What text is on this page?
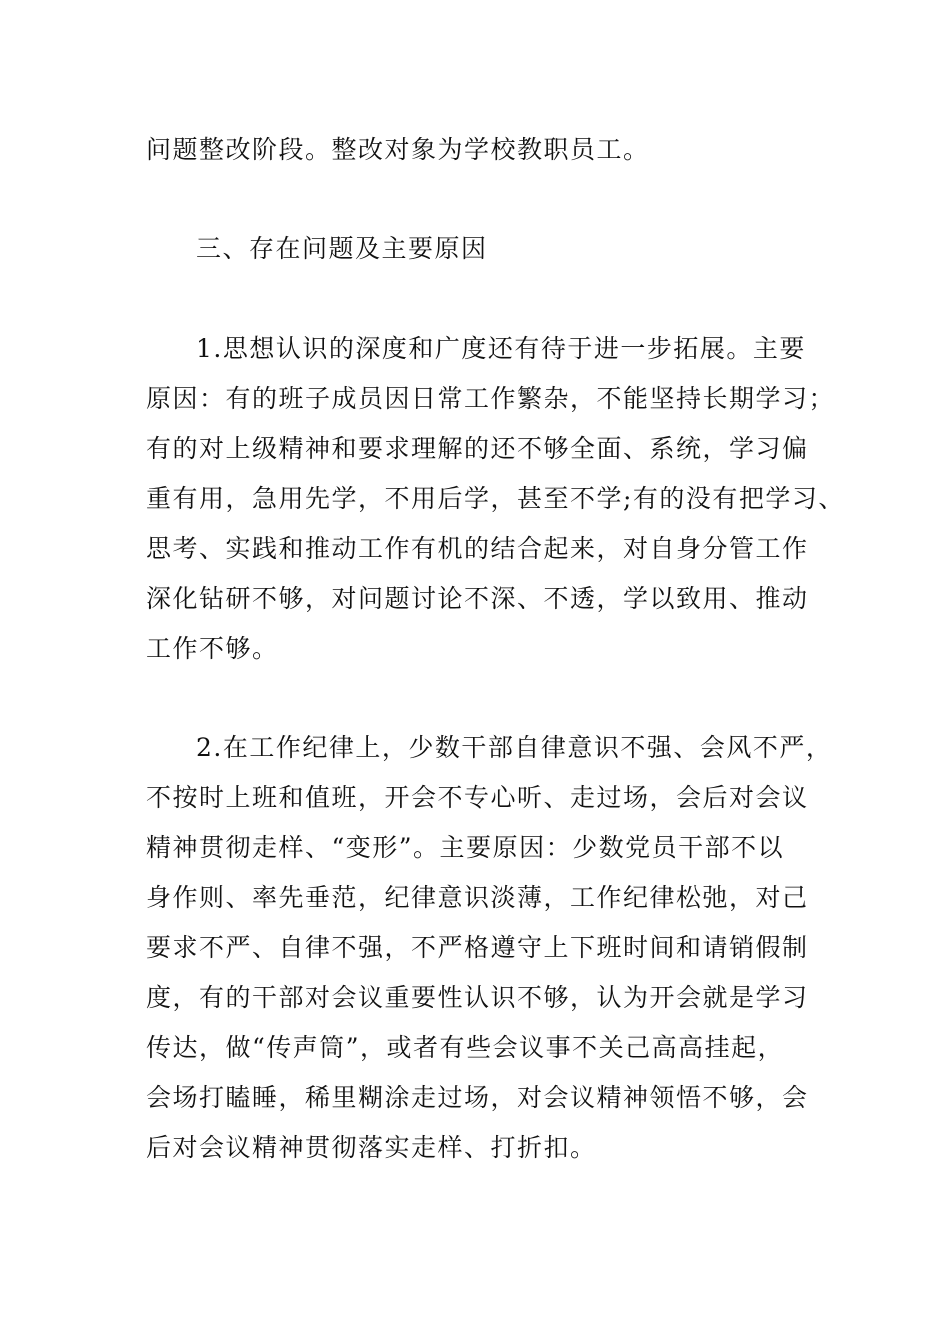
问题整改阶段。整改对象为学校教职员工。

三、存在问题及主要原因

1.思想认识的深度和广度还有待于进一步拓展。主要

原因：有的班子成员因日常工作繁杂，不能坚持长期学习；

有的对上级精神和要求理解的还不够全面、系统，学习偏

重有用，急用先学，不用后学，甚至不学;有的没有把学习、

思考、实践和推动工作有机的结合起来，对自身分管工作

深化钻研不够，对问题讨论不深、不透，学以致用、推动

工作不够。

2.在工作纪律上，少数干部自律意识不强、会风不严，

不按时上班和值班，开会不专心听、走过场，会后对会议

精神贯彻走样、“变形”。主要原因：少数党员干部不以

身作则、率先垂范，纪律意识淡薄，工作纪律松弛，对己

要求不严、自律不强，不严格遵守上下班时间和请销假制

度，有的干部对会议重要性认识不够，认为开会就是学习

传达，做“传声筒”，或者有些会议事不关己高高挂起，

会场打瞌睡，稀里糊涂走过场，对会议精神领悟不够，会

后对会议精神贯彻落实走样、打折扣。
